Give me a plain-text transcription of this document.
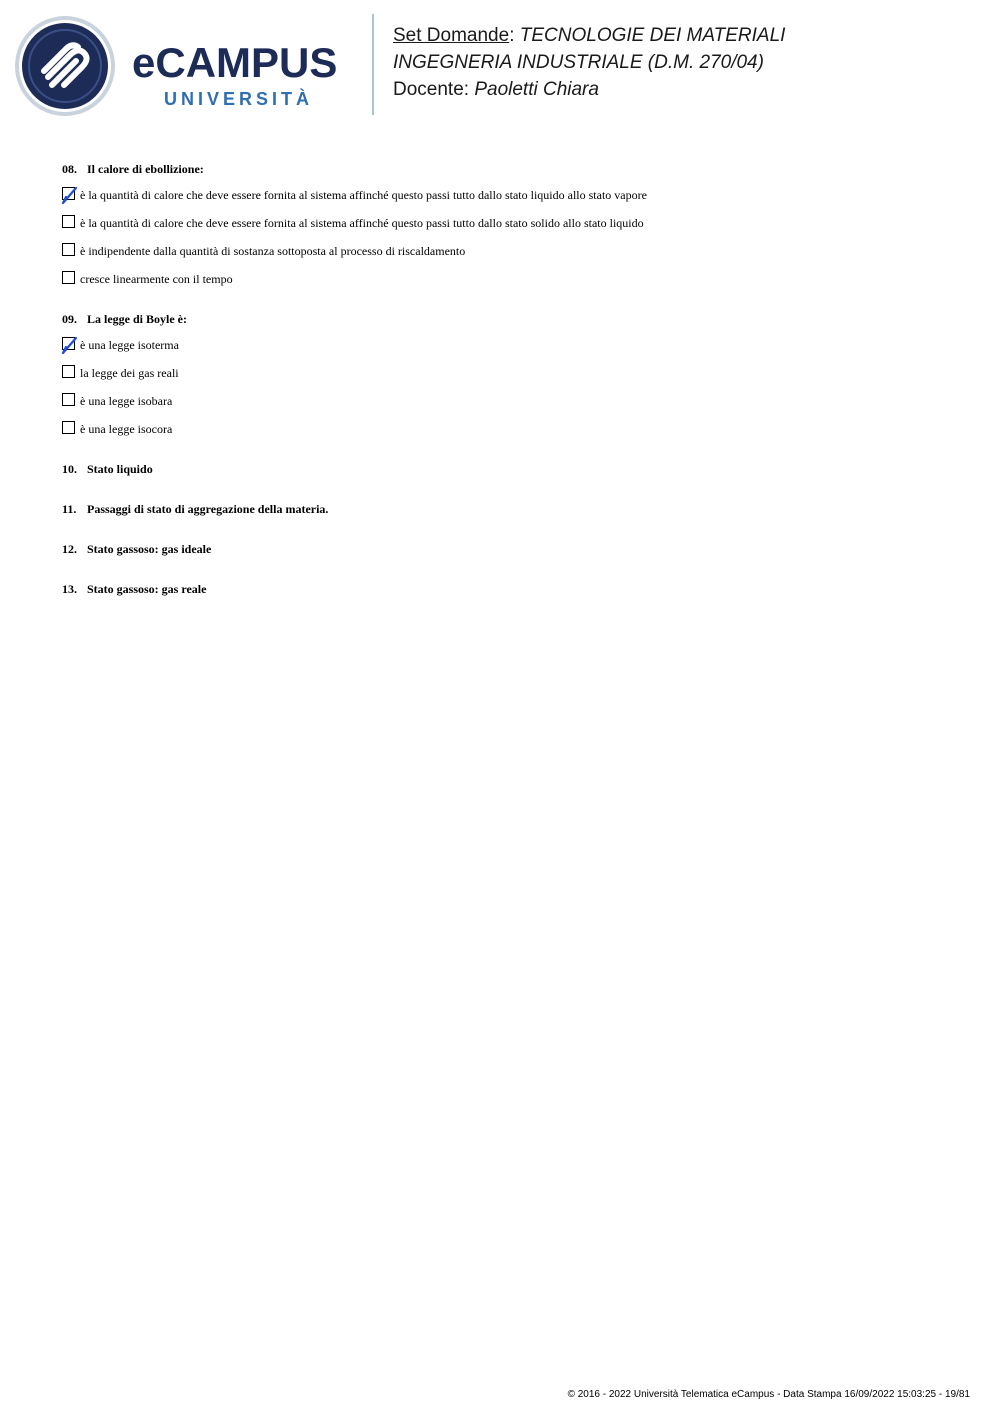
eCAMPUS
UNIVERSITÀ
Set Domande: TECNOLOGIE DEI MATERIALI
INGEGNERIA INDUSTRIALE (D.M. 270/04)
Docente: Paoletti Chiara
08. Il calore di ebollizione:
è la quantità di calore che deve essere fornita al sistema affinché questo passi tutto dallo stato liquido allo stato vapore
è la quantità di calore che deve essere fornita al sistema affinché questo passi tutto dallo stato solido allo stato liquido
è indipendente dalla quantità di sostanza sottoposta al processo di riscaldamento
cresce linearmente con il tempo
09. La legge di Boyle è:
è una legge isoterma
la legge dei gas reali
è una legge isobara
è una legge isocora
10. Stato liquido
11. Passaggi di stato di aggregazione della materia.
12. Stato gassoso: gas ideale
13. Stato gassoso: gas reale
© 2016 - 2022 Università Telematica eCampus - Data Stampa 16/09/2022 15:03:25 - 19/81
